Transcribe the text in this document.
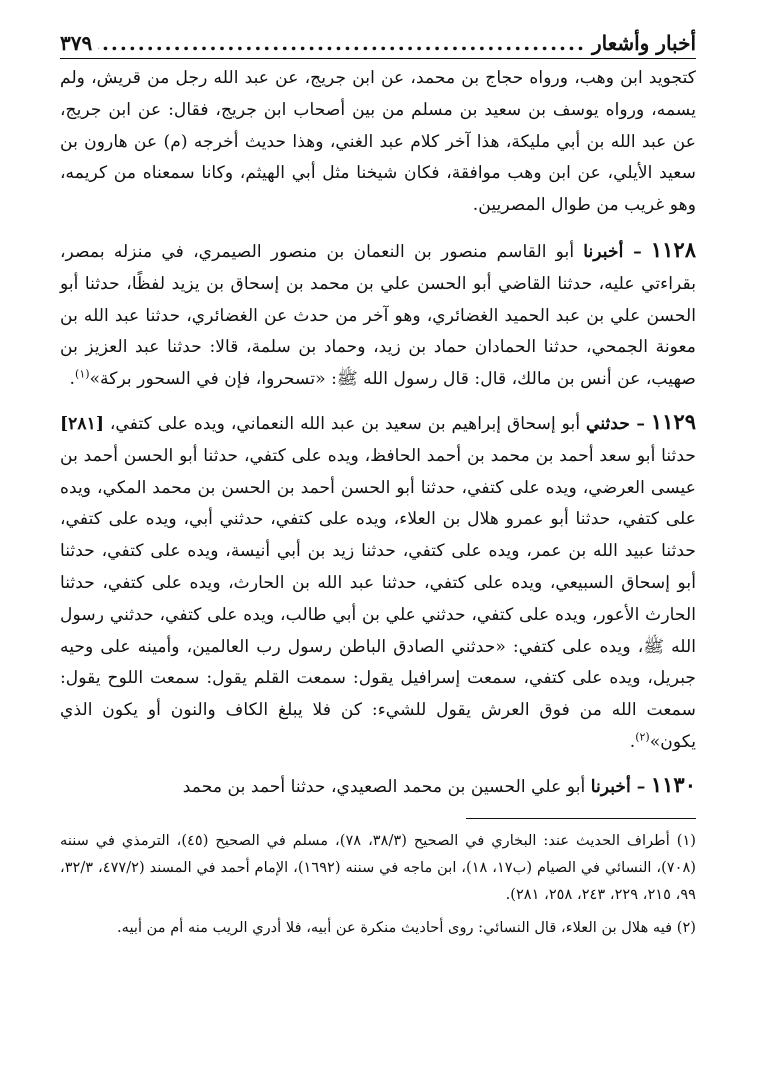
أخبار وأشعار
.....
٣٧٩

كتجويد ابن وهب، ورواه حجاج بن محمد، عن ابن جريج، عن عبد الله رجل من قريش، ولم يسمه، ورواه يوسف بن سعيد بن مسلم من بين أصحاب ابن جريج، فقال: عن ابن جريج، عن عبد الله بن أبي مليكة، هذا آخر كلام عبد الغني، وهذا حديث أخرجه (م) عن هارون بن سعيد الأيلي، عن ابن وهب موافقة، فكان شيخنا مثل أبي الهيثم، وكانا سمعناه من كريمه، وهو غريب من طوال المصريين.

١١٢٨ – أخبرنا أبو القاسم منصور بن النعمان بن منصور الصيمري، في منزله بمصر، بقراءتي عليه، حدثنا القاضي أبو الحسن علي بن محمد بن إسحاق بن يزيد لفظًا، حدثنا أبو الحسن علي بن عبد الحميد الغضائري، وهو آخر من حدث عن الغضائري، حدثنا عبد الله بن معونة الجمحي، حدثنا الحمادان حماد بن زيد، وحماد بن سلمة، قالا: حدثنا عبد العزيز بن صهيب، عن أنس بن مالك، قال: قال رسول الله ﷺ: «تسحروا، فإن في السحور بركة»$^{(١)}$.

١١٢٩ – حدثني أبو إسحاق إبراهيم بن سعيد بن عبد الله النعماني، ويده على كتفي، [٢٨١] حدثنا أبو سعد أحمد بن محمد بن أحمد الحافظ، ويده على كتفي، حدثنا أبو الحسن أحمد بن عيسى العرضي، ويده على كتفي، حدثنا أبو الحسن أحمد بن الحسن بن محمد المكي، ويده على كتفي، حدثنا أبو عمرو هلال بن العلاء، ويده على كتفي، حدثني أبي، ويده على كتفي، حدثنا عبيد الله بن عمر، ويده على كتفي، حدثنا زيد بن أبي أنيسة، ويده على كتفي، حدثنا أبو إسحاق السبيعي، ويده على كتفي، حدثنا عبد الله بن الحارث، ويده على كتفي، حدثنا الحارث الأعور، ويده على كتفي، حدثني علي بن أبي طالب، ويده على كتفي، حدثني رسول الله ﷺ، ويده على كتفي: «حدثني الصادق الباطن رسول رب العالمين، وأمينه على وحيه جبريل، ويده على كتفي، سمعت إسرافيل يقول: سمعت القلم يقول: سمعت اللوح يقول: سمعت الله من فوق العرش يقول للشيء: كن فلا يبلغ الكاف والنون أو يكون الذي يكون»$^{(٢)}$.

١١٣٠ – أخبرنا أبو علي الحسين بن محمد الصعيدي، حدثنا أحمد بن محمد

(١) أطراف الحديث عند: البخاري في الصحيح (٣٨/٣، ٧٨)، مسلم في الصحيح (٤٥)، الترمذي في سننه (٧٠٨)، النسائي في الصيام (ب١٧، ١٨)، ابن ماجه في سننه (١٦٩٢)، الإمام أحمد في المسند (٤٧٧/٢، ٣٢/٣، ٩٩، ٢١٥، ٢٢٩، ٢٤٣، ٢٥٨، ٢٨١).

(٢) فيه هلال بن العلاء، قال النسائي: روى أحاديث منكرة عن أبيه، فلا أدري الريب منه أم من أبيه.
